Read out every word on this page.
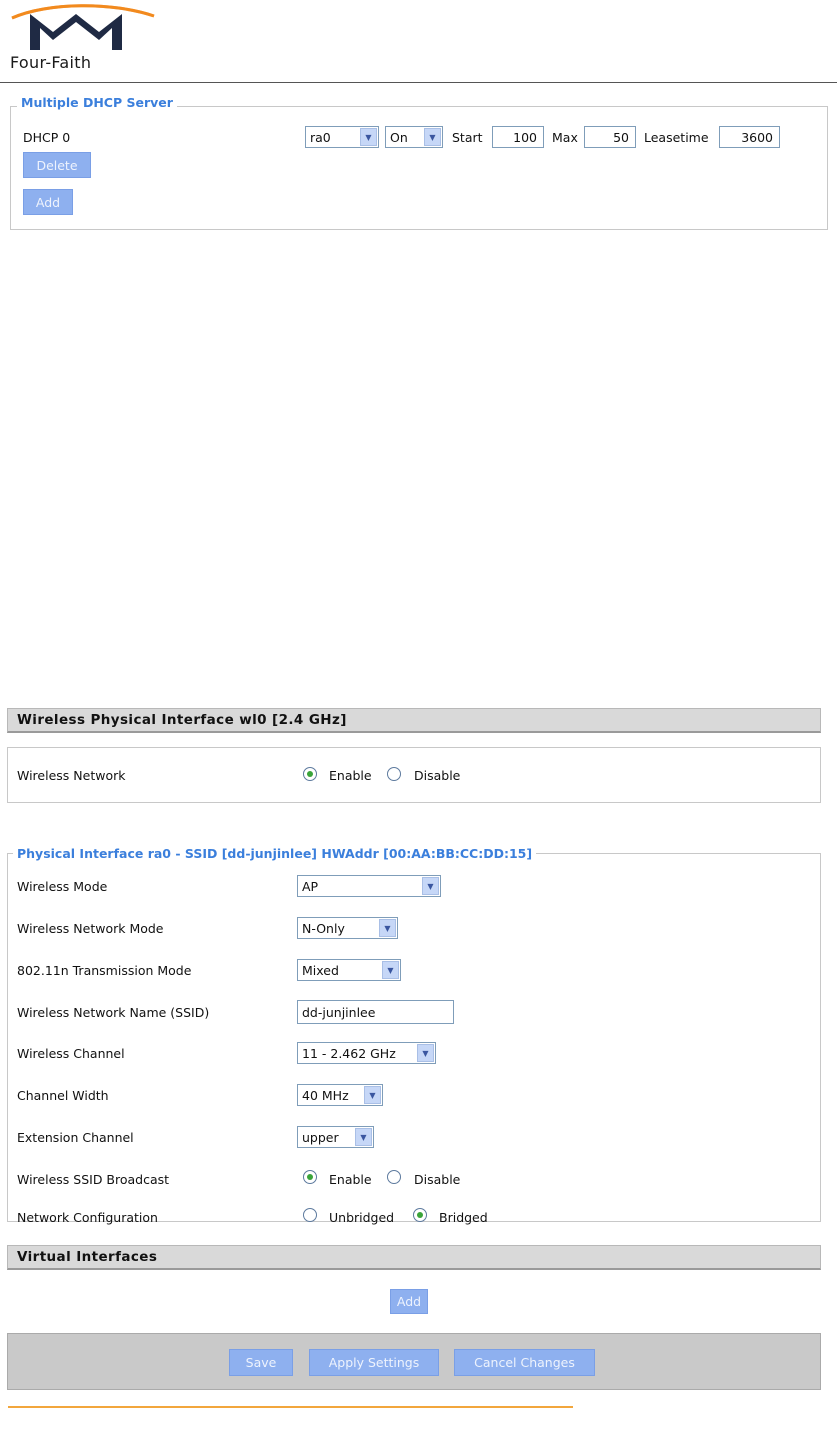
Four-Faith
Multiple DHCP Server
DHCP 0	ra0	▼	On	▼	Start 100 Max	50 Leasetime	3600
Delete
Add
Wireless Physical Interface wl0 [2.4 GHz]
Wireless Network	Enable	Disable
Physical Interface ra0 - SSID [dd-junjinlee] HWAddr [00:AA:BB:CC:DD:15]
Wireless Mode	AP	▼
Wireless Network Mode	N-Only	▼
802.11n Transmission Mode	Mixed	▼
Wireless Network Name (SSID)	dd-junjinlee
Wireless Channel	11 - 2.462 GHz	▼
Channel Width	40 MHz	▼
Extension Channel	upper	▼
Wireless SSID Broadcast	Enable	Disable
Network Configuration	Unbridged	Bridged
Virtual Interfaces
Add
Save	Apply Settings	Cancel Changes
